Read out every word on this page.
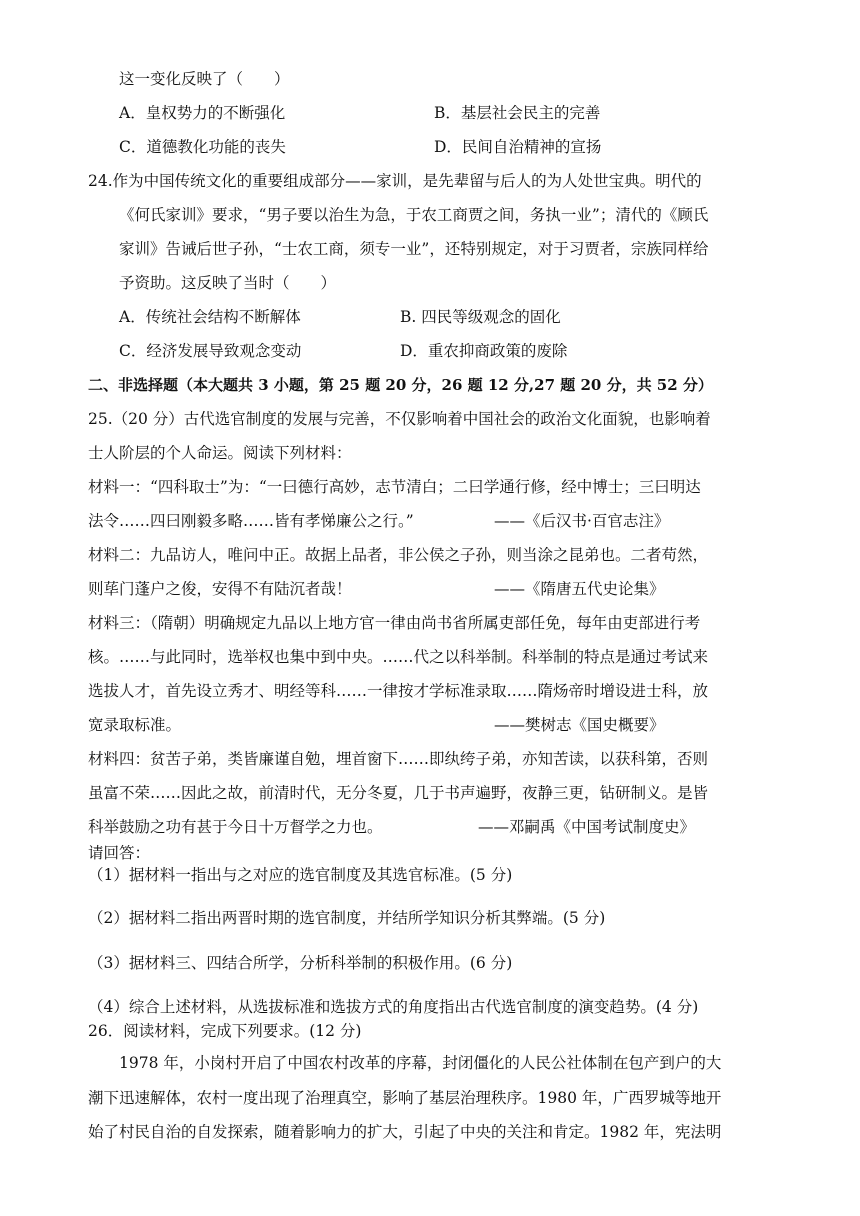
这一变化反映了（　　）
A．皇权势力的不断强化	B．基层社会民主的完善
C．道德教化功能的丧失	D．民间自治精神的宣扬
24.作为中国传统文化的重要组成部分——家训，是先辈留与后人的为人处世宝典。明代的
《何氏家训》要求，“男子要以治生为急，于农工商贾之间，务执一业”；清代的《顾氏
家训》告诫后世子孙，“士农工商，须专一业”，还特别规定，对于习贾者，宗族同样给
予资助。这反映了当时（　　）
A．传统社会结构不断解体	B. 四民等级观念的固化
C．经济发展导致观念变动	D．重农抑商政策的废除
二、非选择题（本大题共 3 小题，第 25 题 20 分，26 题 12 分,27 题 20 分，共 52 分）
25.（20 分）古代选官制度的发展与完善，不仅影响着中国社会的政治文化面貌，也影响着
士人阶层的个人命运。阅读下列材料：
材料一：“四科取士”为：“一曰德行高妙，志节清白；二曰学通行修，经中博士；三曰明达
法令……四曰刚毅多略……皆有孝悌廉公之行。”	——《后汉书·百官志注》
材料二：九品访人，唯问中正。故据上品者，非公侯之子孙，则当涂之昆弟也。二者苟然，
则荜门蓬户之俊，安得不有陆沉者哉！	——《隋唐五代史论集》
材料三：（隋朝）明确规定九品以上地方官一律由尚书省所属吏部任免，每年由吏部进行考
核。……与此同时，选举权也集中到中央。……代之以科举制。科举制的特点是通过考试来
选拔人才，首先设立秀才、明经等科……一律按才学标准录取……隋炀帝时增设进士科，放
宽录取标准。	——樊树志《国史概要》
材料四：贫苦子弟，类皆廉谨自勉，埋首窗下……即纨绔子弟，亦知苦读，以获科第，否则
虽富不荣……因此之故，前清时代，无分冬夏，几于书声遍野，夜静三更，钻研制义。是皆
科举鼓励之功有甚于今日十万督学之力也。	——邓嗣禹《中国考试制度史》
请回答：
（1）据材料一指出与之对应的选官制度及其选官标准。(5 分)
（2）据材料二指出两晋时期的选官制度，并结所学知识分析其弊端。(5 分)
（3）据材料三、四结合所学，分析科举制的积极作用。(6 分)
（4）综合上述材料，从选拔标准和选拔方式的角度指出古代选官制度的演变趋势。(4 分)
26．阅读材料，完成下列要求。(12 分)
1978 年，小岗村开启了中国农村改革的序幕，封闭僵化的人民公社体制在包产到户的大
潮下迅速解体，农村一度出现了治理真空，影响了基层治理秩序。1980 年，广西罗城等地开
始了村民自治的自发探索，随着影响力的扩大，引起了中央的关注和肯定。1982 年，宪法明
